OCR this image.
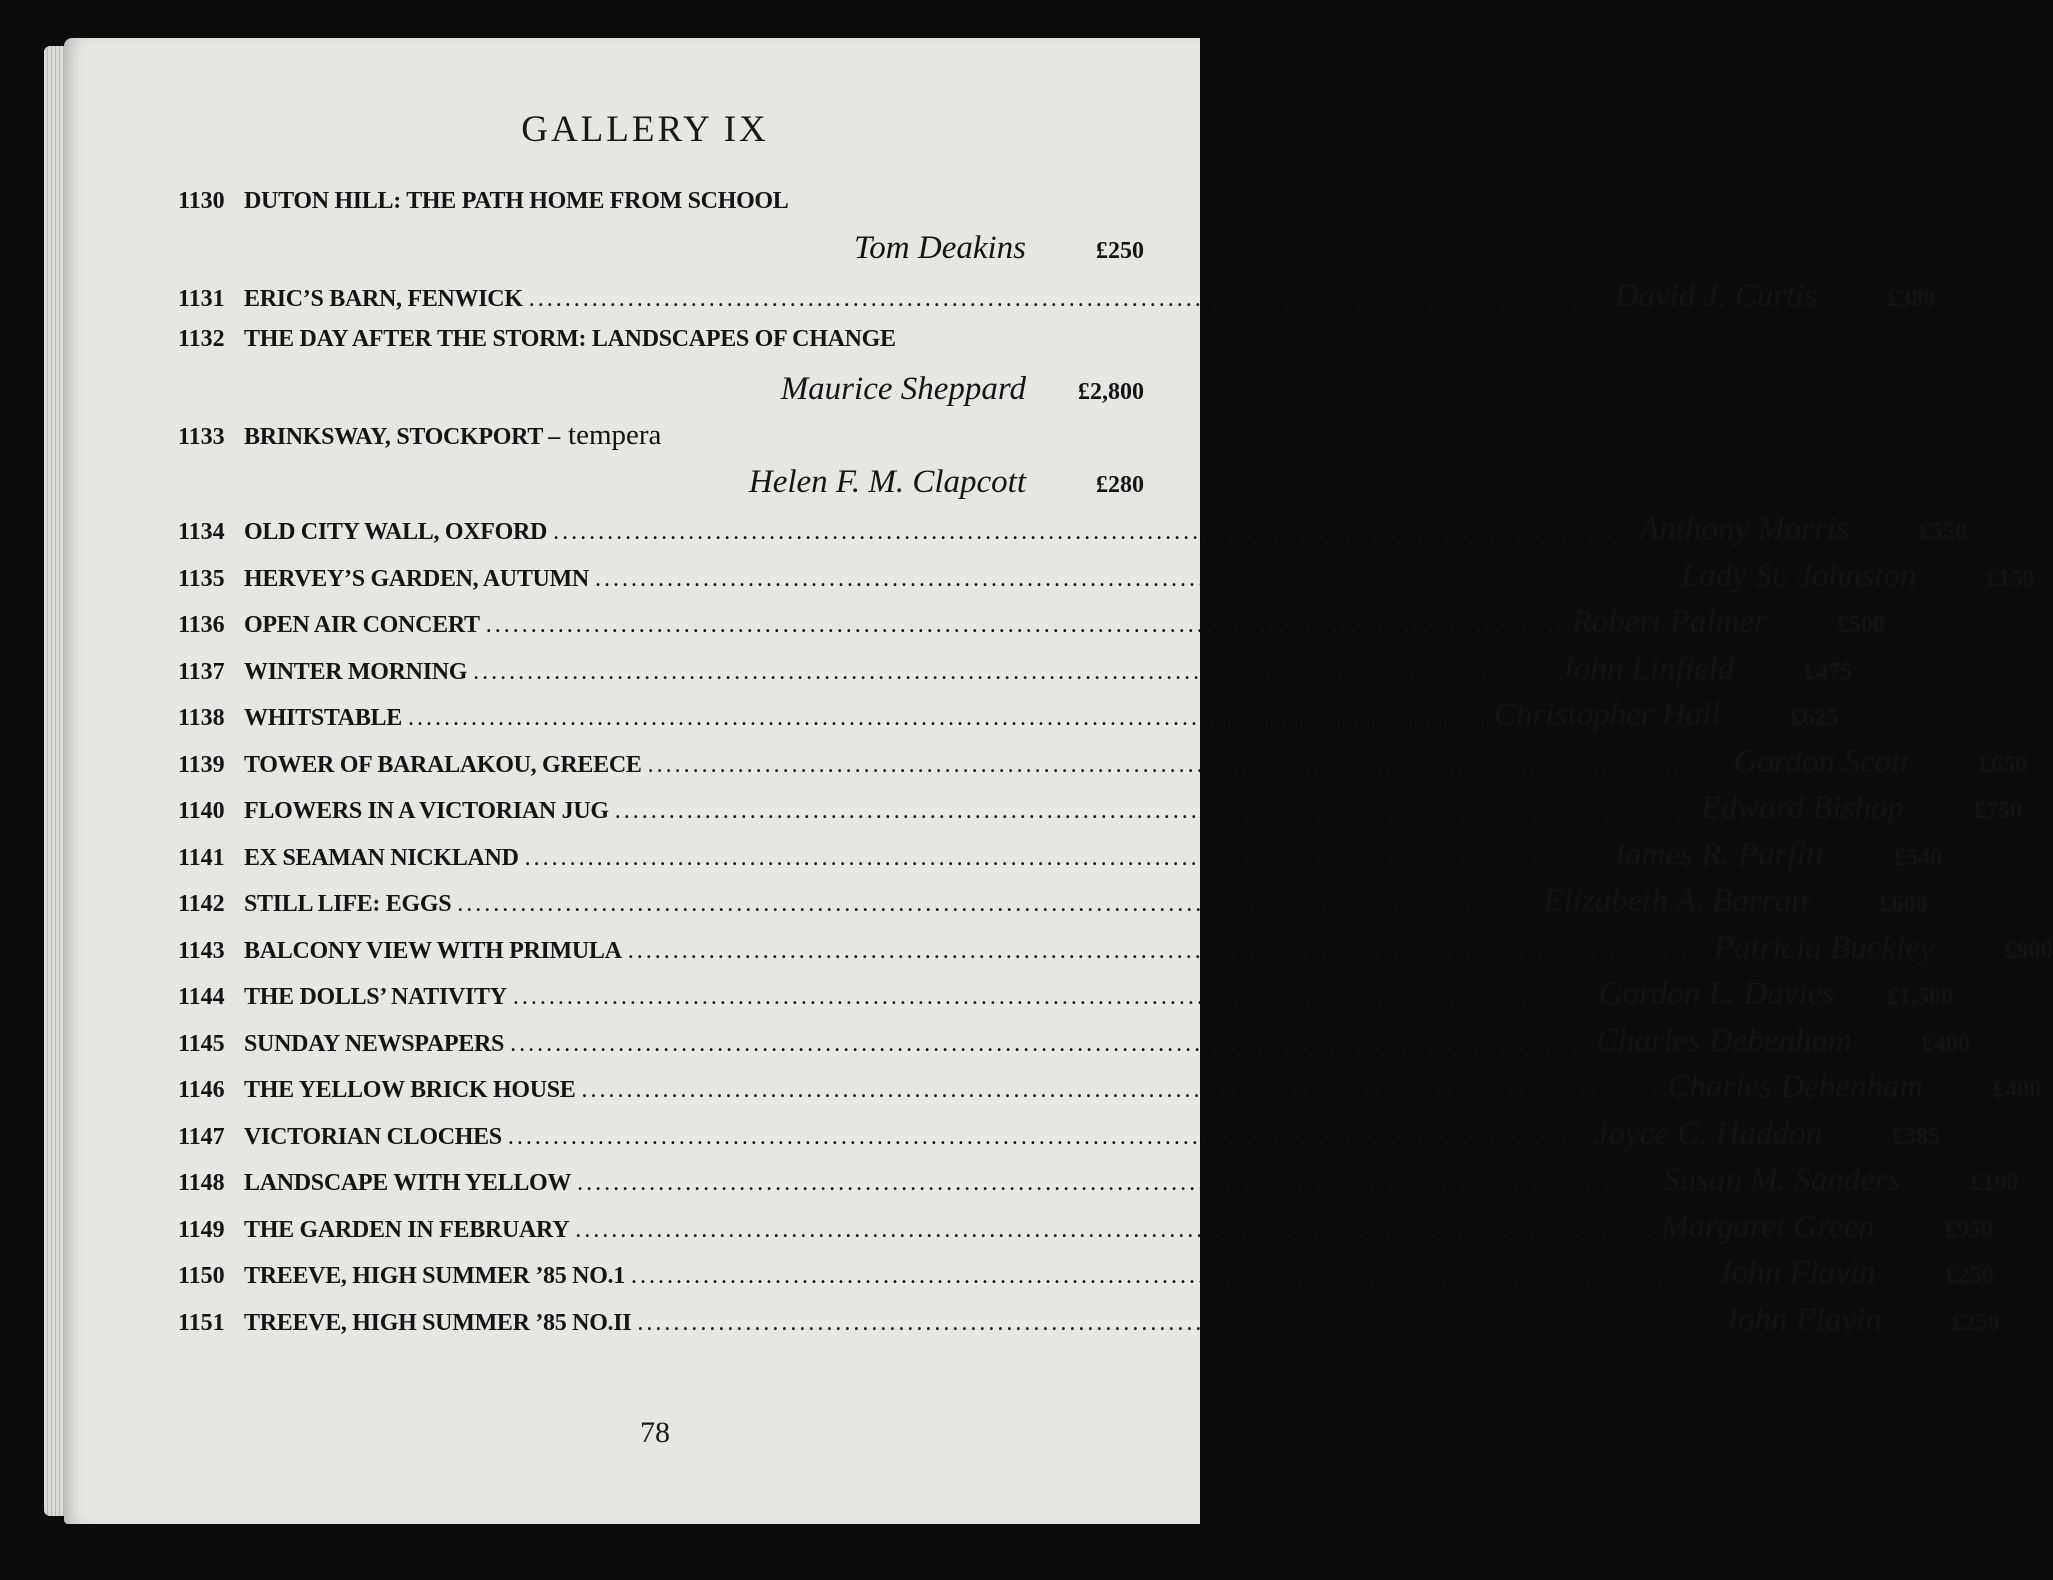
GALLERY IX
1130 DUTON HILL: THE PATH HOME FROM SCHOOL
Tom Deakins	£250
1131 ERIC’S BARN, FENWICK ........................................................................................................................ David J. Curtis	£380
1132 THE DAY AFTER THE STORM: LANDSCAPES OF CHANGE
Maurice Sheppard	£2,800
1133 BRINKSWAY, STOCKPORT – tempera
Helen F. M. Clapcott	£280
1134 OLD CITY WALL, OXFORD ........................................................................................................................ Anthony Morris	£550
1135 HERVEY’S GARDEN, AUTUMN ........................................................................................................................ Lady St. Johnston	£150
1136 OPEN AIR CONCERT ........................................................................................................................ Robert Palmer	£500
1137 WINTER MORNING ........................................................................................................................ John Linfield	£475
1138 WHITSTABLE ........................................................................................................................ Christopher Hall	£625
1139 TOWER OF BARALAKOU, GREECE ........................................................................................................................ Gordon Scott	£650
1140 FLOWERS IN A VICTORIAN JUG ........................................................................................................................ Edward Bishop	£750
1141 EX SEAMAN NICKLAND ........................................................................................................................ James R. Parfitt	£540
1142 STILL LIFE: EGGS ........................................................................................................................ Elizabeth A. Barratt	£600
1143 BALCONY VIEW WITH PRIMULA ........................................................................................................................ Patricia Buckley	£900
1144 THE DOLLS’ NATIVITY ........................................................................................................................ Gordon L. Davies	£1,500
1145 SUNDAY NEWSPAPERS ........................................................................................................................ Charles Debenham	£400
1146 THE YELLOW BRICK HOUSE ........................................................................................................................ Charles Debenham	£400
1147 VICTORIAN CLOCHES ........................................................................................................................ Joyce C. Haddon	£385
1148 LANDSCAPE WITH YELLOW ........................................................................................................................ Susan M. Sanders	£190
1149 THE GARDEN IN FEBRUARY ........................................................................................................................ Margaret Green	£950
1150 TREEVE, HIGH SUMMER ’85 NO.1 ........................................................................................................................ John Flavin	£250
1151 TREEVE, HIGH SUMMER ’85 NO.II ........................................................................................................................ John Flavin	£250
78
